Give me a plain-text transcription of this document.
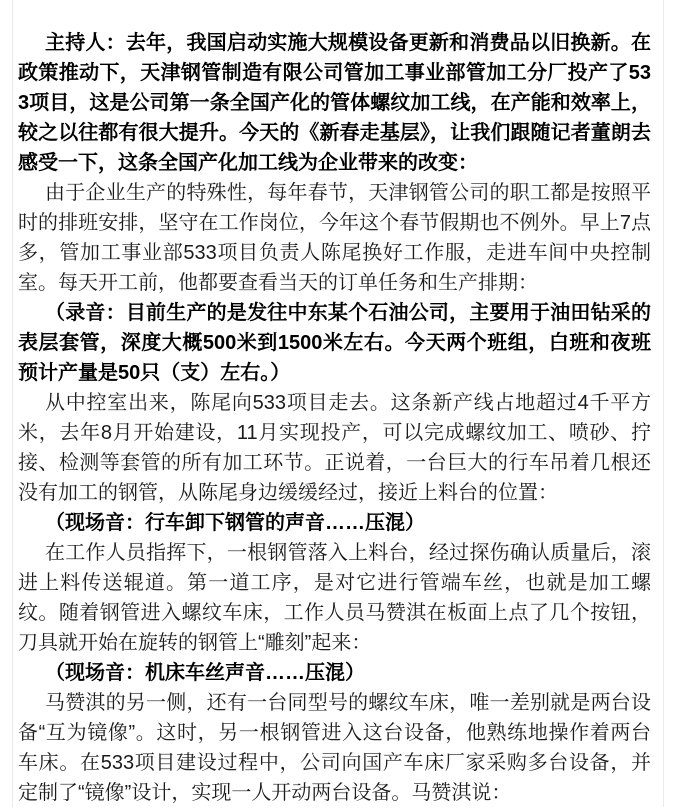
主持人：去年，我国启动实施大规模设备更新和消费品以旧换新。在政策推动下，天津钢管制造有限公司管加工事业部管加工分厂投产了533项目，这是公司第一条全国产化的管体螺纹加工线，在产能和效率上，较之以往都有很大提升。今天的《新春走基层》，让我们跟随记者董朗去感受一下，这条全国产化加工线为企业带来的改变：

由于企业生产的特殊性，每年春节，天津钢管公司的职工都是按照平时的排班安排，坚守在工作岗位，今年这个春节假期也不例外。早上7点多，管加工事业部533项目负责人陈尾换好工作服，走进车间中央控制室。每天开工前，他都要查看当天的订单任务和生产排期：

（录音：目前生产的是发往中东某个石油公司，主要用于油田钻采的表层套管，深度大概500米到1500米左右。今天两个班组，白班和夜班预计产量是50只（支）左右。）

从中控室出来，陈尾向533项目走去。这条新产线占地超过4千平方米，去年8月开始建设，11月实现投产，可以完成螺纹加工、喷砂、拧接、检测等套管的所有加工环节。正说着，一台巨大的行车吊着几根还没有加工的钢管，从陈尾身边缓缓经过，接近上料台的位置：

（现场音：行车卸下钢管的声音……压混）

在工作人员指挥下，一根钢管落入上料台，经过探伤确认质量后，滚进上料传送辊道。第一道工序，是对它进行管端车丝，也就是加工螺纹。随着钢管进入螺纹车床，工作人员马赞淇在板面上点了几个按钮，刀具就开始在旋转的钢管上“雕刻”起来：

（现场音：机床车丝声音……压混）

马赞淇的另一侧，还有一台同型号的螺纹车床，唯一差别就是两台设备“互为镜像”。这时，另一根钢管进入这台设备，他熟练地操作着两台车床。在533项目建设过程中，公司向国产车床厂家采购多台设备，并定制了“镜像”设计，实现一人开动两台设备。马赞淇说：
